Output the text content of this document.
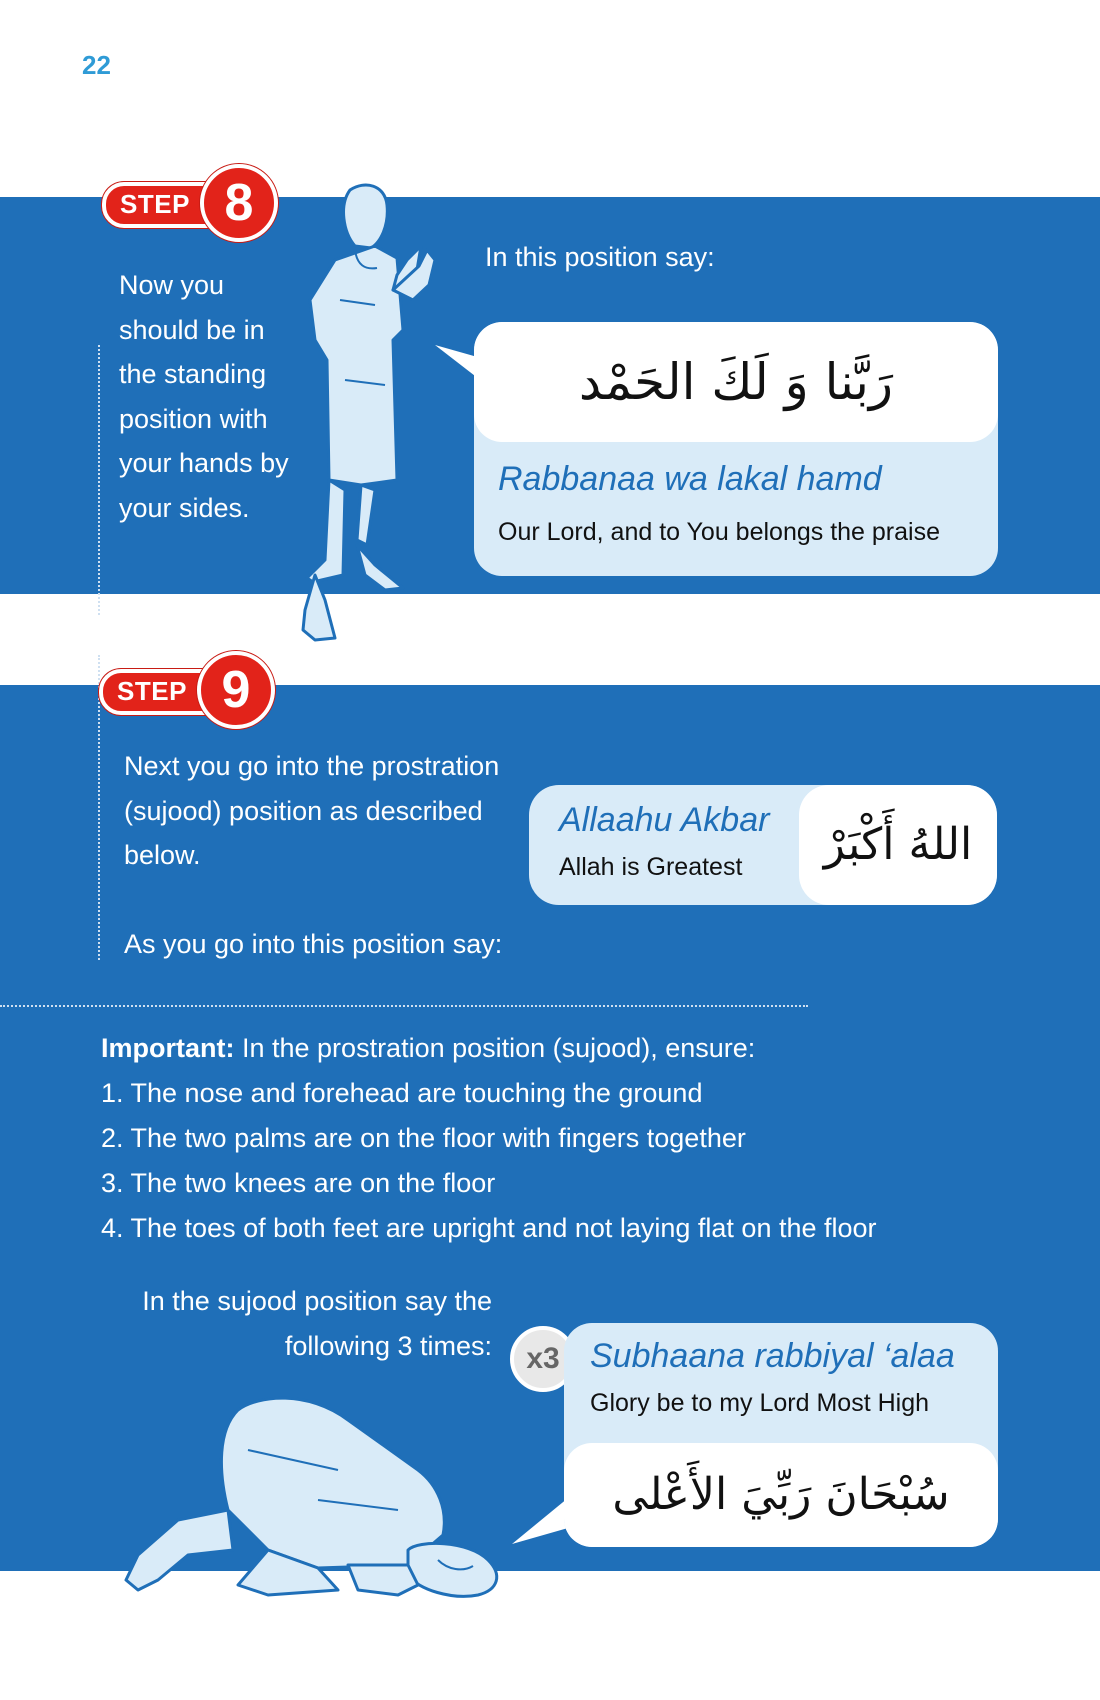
22
STEP 8
Now you
should be in
the standing
position with
your hands by
your sides.
In this position say:
رَبَّنا وَ لَكَ الحَمْد
Rabbanaa wa lakal hamd
Our Lord, and to You belongs the praise
STEP 9
Next you go into the prostration
(sujood) position as described
below.
As you go into this position say:
Allaahu Akbar
Allah is Greatest	اللهُ أَكْبَرْ
Important: In the prostration position (sujood), ensure:
1. The nose and forehead are touching the ground
2. The two palms are on the floor with fingers together
3. The two knees are on the floor
4. The toes of both feet are upright and not laying flat on the floor
In the sujood position say the
following 3 times:	x3 Subhaana rabbiyal ‘alaa
Glory be to my Lord Most High
سُبْحَانَ رَبِّيَ الأَعْلى
